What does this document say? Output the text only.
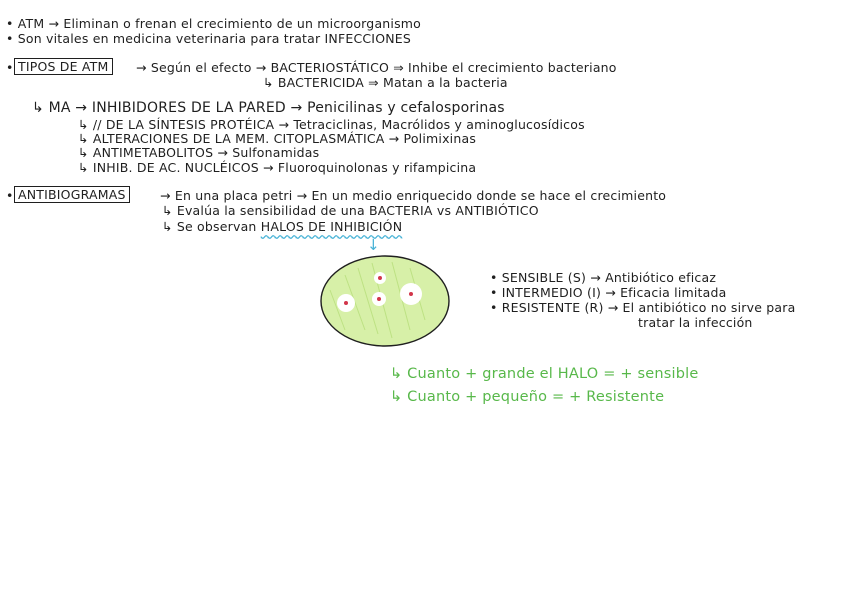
• ATM → Eliminan o frenan el crecimiento de un microorganismo
• Son vitales en medicina veterinaria para tratar INFECCIONES
• TIPOS DE ATM	→ Según el efecto → BACTERIOSTÁTICO ⇒ Inhibe el crecimiento bacteriano
↳ BACTERICIDA ⇒ Matan a la bacteria
↳ MA → INHIBIDORES DE LA PARED → Penicilinas y cefalosporinas
↳ // DE LA SÍNTESIS PROTÉICA → Tetraciclinas, Macrólidos y aminoglucosídicos
↳ ALTERACIONES DE LA MEM. CITOPLASMÁTICA → Polimixinas
↳ ANTIMETABOLITOS → Sulfonamidas
↳ INHIB. DE AC. NUCLÉICOS → Fluoroquinolonas y rifampicina
• ANTIBIOGRAMAS	→ En una placa petri → En un medio enriquecido donde se hace el crecimiento
↳ Evalúa la sensibilidad de una BACTERIA vs ANTIBIÓTICO
↳ Se observan HALOS DE INHIBICIÓN
↓
• SENSIBLE (S) → Antibiótico eficaz
• INTERMEDIO (I) → Eficacia limitada
• RESISTENTE (R) → El antibiótico no sirve para
tratar la infección
↳ Cuanto + grande el HALO = + sensible
↳ Cuanto + pequeño = + Resistente
